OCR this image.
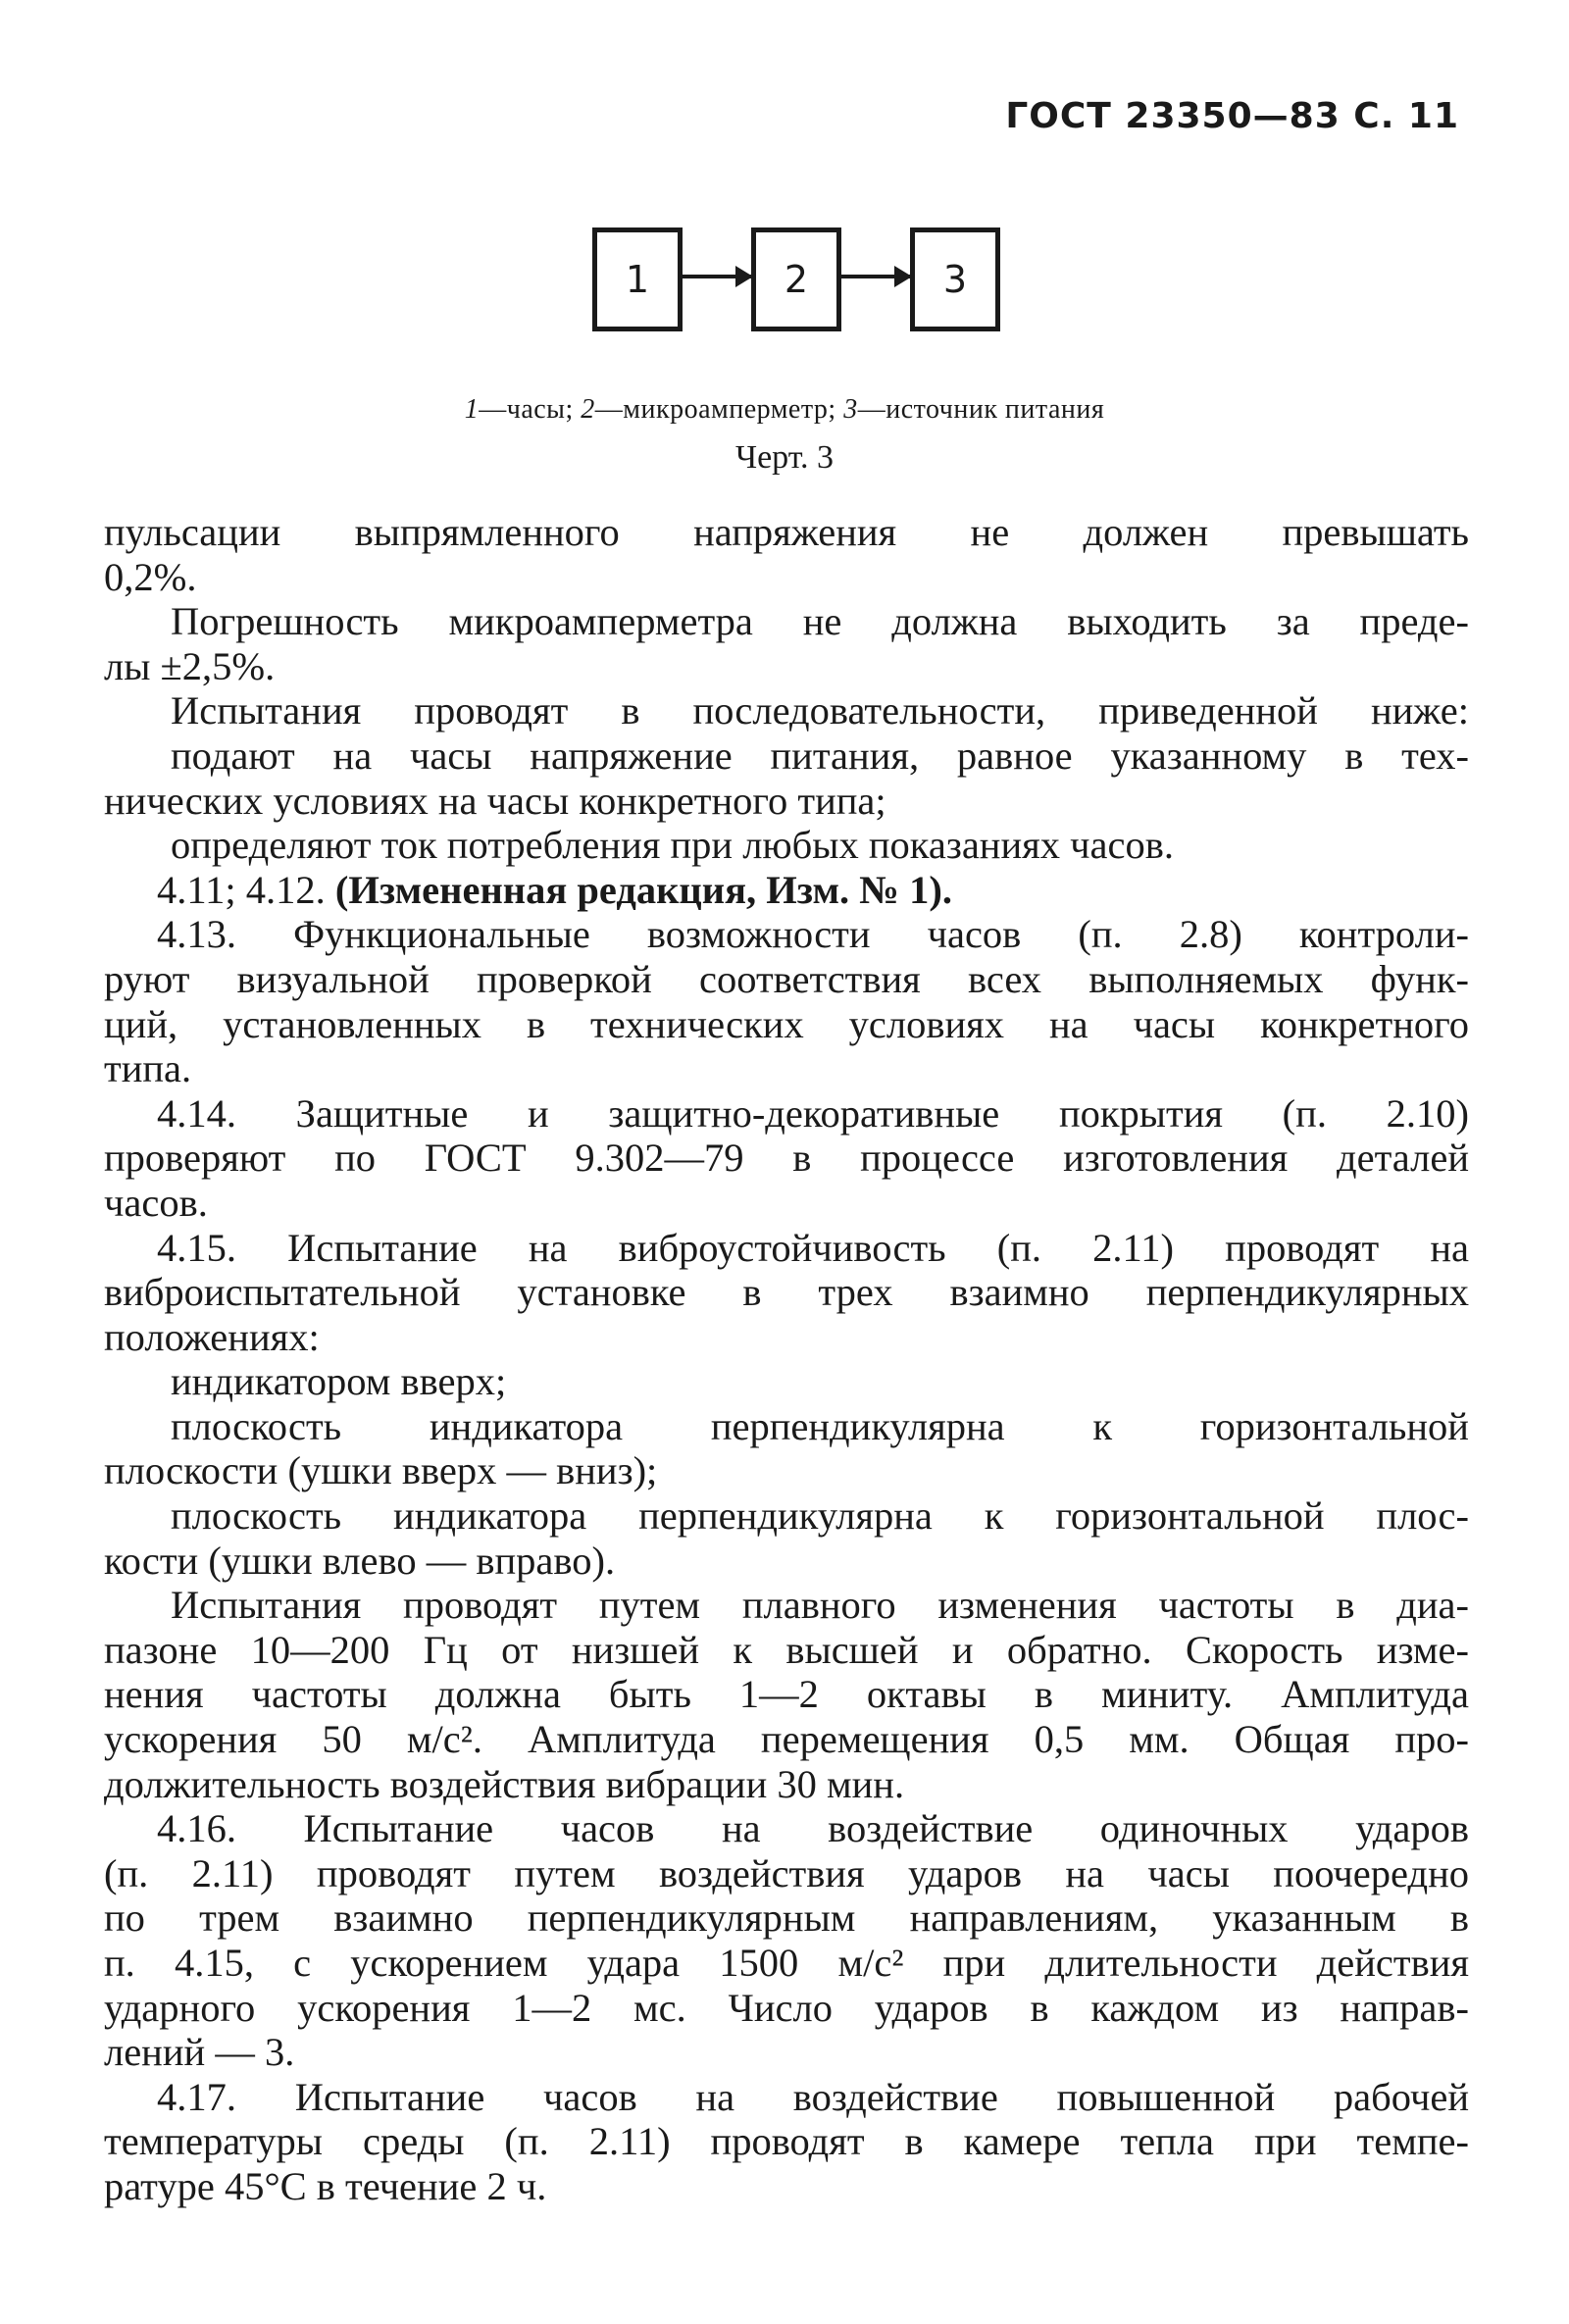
ГОСТ 23350—83 С. 11
1	2	3
1—часы; 2—микроамперметр; 3—источник питания
Черт. 3
пульсации выпрямленного напряжения не должен превышать
0,2%.
Погрешность микроамперметра не должна выходить за преде-
лы ±2,5%.
Испытания проводят в последовательности, приведенной ниже:
подают на часы напряжение питания, равное указанному в тех-
нических условиях на часы конкретного типа;
определяют ток потребления при любых показаниях часов.
4.11; 4.12. (Измененная редакция, Изм. № 1).
4.13. Функциональные возможности часов (п. 2.8) контроли-
руют визуальной проверкой соответствия всех выполняемых функ-
ций, установленных в технических условиях на часы конкретного
типа.
4.14. Защитные и защитно-декоративные покрытия (п. 2.10)
проверяют по ГОСТ 9.302—79 в процессе изготовления деталей
часов.
4.15. Испытание на виброустойчивость (п. 2.11) проводят на
виброиспытательной установке в трех взаимно перпендикулярных
положениях:
индикатором вверх;
плоскость индикатора перпендикулярна к горизонтальной
плоскости (ушки вверх — вниз);
плоскость индикатора перпендикулярна к горизонтальной плос-
кости (ушки влево — вправо).
Испытания проводят путем плавного изменения частоты в диа-
пазоне 10—200 Гц от низшей к высшей и обратно. Скорость изме-
нения частоты должна быть 1—2 октавы в миниту. Амплитуда
ускорения 50 м/с². Амплитуда перемещения 0,5 мм. Общая про-
должительность воздействия вибрации 30 мин.
4.16. Испытание часов на воздействие одиночных ударов
(п. 2.11) проводят путем воздействия ударов на часы поочередно
по трем взаимно перпендикулярным направлениям, указанным в
п. 4.15, с ускорением удара 1500 м/с² при длительности действия
ударного ускорения 1—2 мс. Число ударов в каждом из направ-
лений — 3.
4.17. Испытание часов на воздействие повышенной рабочей
температуры среды (п. 2.11) проводят в камере тепла при темпе-
ратуре 45°С в течение 2 ч.
